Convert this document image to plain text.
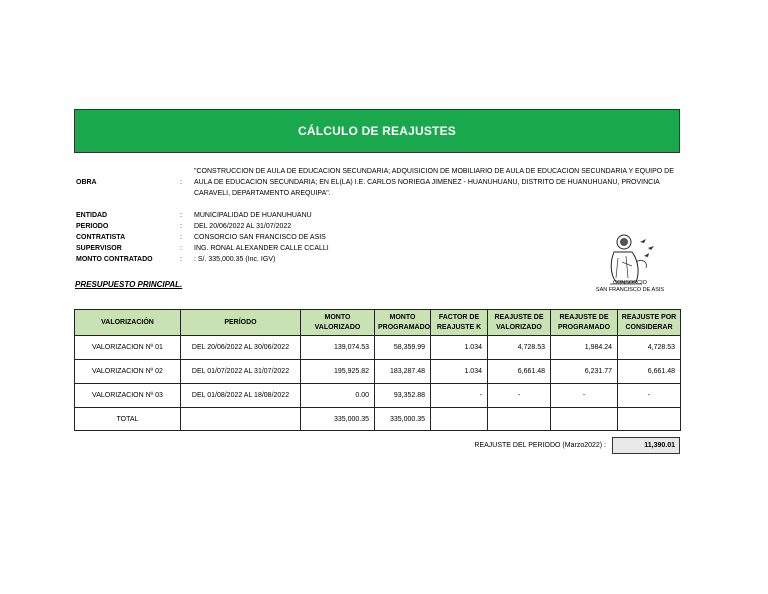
CÁLCULO DE REAJUSTES
OBRA	:
"CONSTRUCCION DE AULA DE EDUCACION SECUNDARIA; ADQUISICION DE MOBILIARIO DE AULA DE EDUCACION SECUNDARIA Y EQUIPO DE AULA DE EDUCACION SECUNDARIA; EN EL(LA) I.E. CARLOS NORIEGA JIMENEZ - HUANUHUANU, DISTRITO DE HUANUHUANU, PROVINCIA CARAVELI, DEPARTAMENTO AREQUIPA".
ENTIDAD	: MUNICIPALIDAD DE HUANUHUANU
PERIODO	: DEL 20/06/2022 AL 31/07/2022
CONTRATISTA	: CONSORCIO SAN FRANCISCO DE ASIS
SUPERVISOR	: ING. RONAL ALEXANDER CALLE CCALLI
MONTO CONTRATADO	: : S/. 335,000.35 (Inc. IGV)
CONSORCIO
SAN FRANCISCO DE ASIS
PRESUPUESTO PRINCIPAL.
VALORIZACIÓN	PERÍODO	MONTO VALORIZADO	MONTO PROGRAMADO	FACTOR DE REAJUSTE K	REAJUSTE DE VALORIZADO	REAJUSTE DE PROGRAMADO	REAJUSTE POR CONSIDERAR
VALORIZACION Nº 01	DEL 20/06/2022 AL 30/06/2022	139,074.53	58,359.99	1.034	4,728.53	1,984.24	4,728.53
VALORIZACION Nº 02	DEL 01/07/2022 AL 31/07/2022	195,925.82	183,287.48	1.034	6,661.48	6,231.77	6,661.48
VALORIZACION Nº 03	DEL 01/08/2022 AL 18/08/2022	0.00	93,352.88	-	-	-	-
TOTAL		335,000.35	335,000.35				
REAJUSTE DEL PERIODO (Marzo2022) :	11,390.01
